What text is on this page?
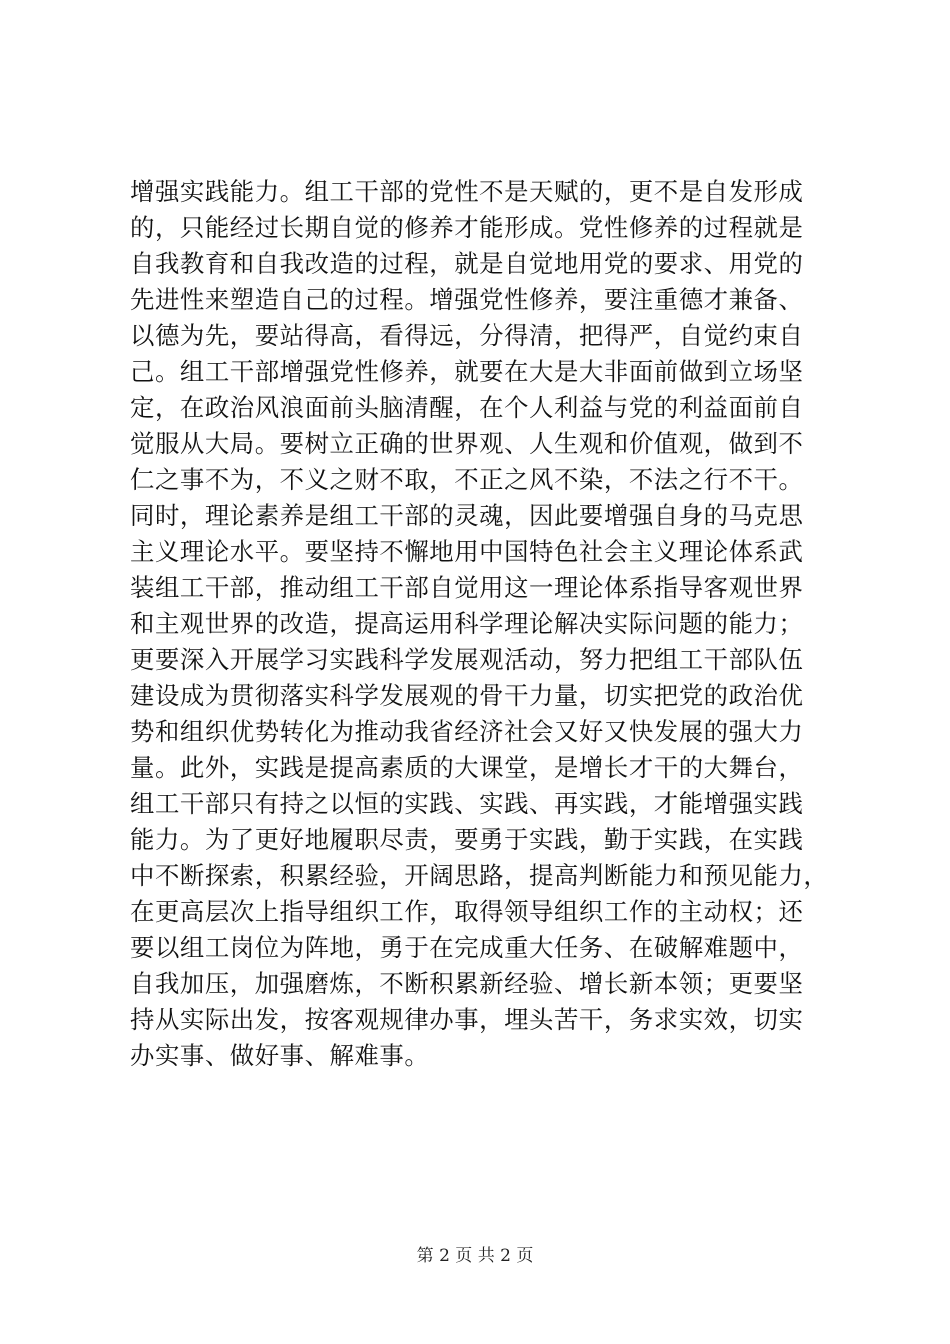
增强实践能力。组工干部的党性不是天赋的，更不是自发形成
的，只能经过长期自觉的修养才能形成。党性修养的过程就是
自我教育和自我改造的过程，就是自觉地用党的要求、用党的
先进性来塑造自己的过程。增强党性修养，要注重德才兼备、
以德为先，要站得高，看得远，分得清，把得严，自觉约束自
己。组工干部增强党性修养，就要在大是大非面前做到立场坚
定，在政治风浪面前头脑清醒，在个人利益与党的利益面前自
觉服从大局。要树立正确的世界观、人生观和价值观，做到不
仁之事不为，不义之财不取，不正之风不染，不法之行不干。
同时，理论素养是组工干部的灵魂，因此要增强自身的马克思
主义理论水平。要坚持不懈地用中国特色社会主义理论体系武
装组工干部，推动组工干部自觉用这一理论体系指导客观世界
和主观世界的改造，提高运用科学理论解决实际问题的能力；
更要深入开展学习实践科学发展观活动，努力把组工干部队伍
建设成为贯彻落实科学发展观的骨干力量，切实把党的政治优
势和组织优势转化为推动我省经济社会又好又快发展的强大力
量。此外，实践是提高素质的大课堂，是增长才干的大舞台，
组工干部只有持之以恒的实践、实践、再实践，才能增强实践
能力。为了更好地履职尽责，要勇于实践，勤于实践，在实践
中不断探索，积累经验，开阔思路，提高判断能力和预见能力，
在更高层次上指导组织工作，取得领导组织工作的主动权；还
要以组工岗位为阵地，勇于在完成重大任务、在破解难题中，
自我加压，加强磨炼，不断积累新经验、增长新本领；更要坚
持从实际出发，按客观规律办事，埋头苦干，务求实效，切实
办实事、做好事、解难事。
第 2 页 共 2 页
